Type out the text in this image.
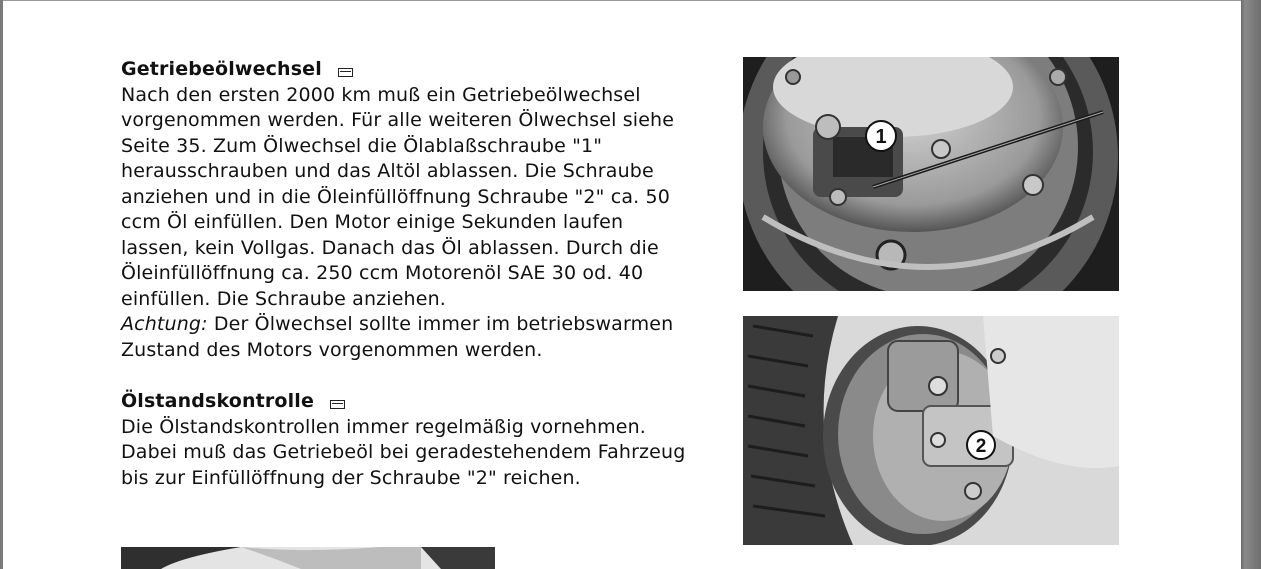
Getriebeölwechsel

Nach den ersten 2000 km muß ein Getriebeölwechsel

vorgenommen werden. Für alle weiteren Ölwechsel siehe

Seite 35. Zum Ölwechsel die Ölablaßschraube "1"

herausschrauben und das Altöl ablassen. Die Schraube

anziehen und in die Öleinfüllöffnung Schraube "2" ca. 50

ccm Öl einfüllen. Den Motor einige Sekunden laufen

lassen, kein Vollgas. Danach das Öl ablassen. Durch die

Öleinfüllöffnung ca. 250 ccm Motorenöl SAE 30 od. 40

einfüllen. Die Schraube anziehen.

Achtung: Der Ölwechsel sollte immer im betriebswarmen

Zustand des Motors vorgenommen werden.

Ölstandskontrolle

Die Ölstandskontrollen immer regelmäßig vornehmen.

Dabei muß das Getriebeöl bei geradestehendem Fahrzeug

bis zur Einfüllöffnung der Schraube "2" reichen.

1
2
